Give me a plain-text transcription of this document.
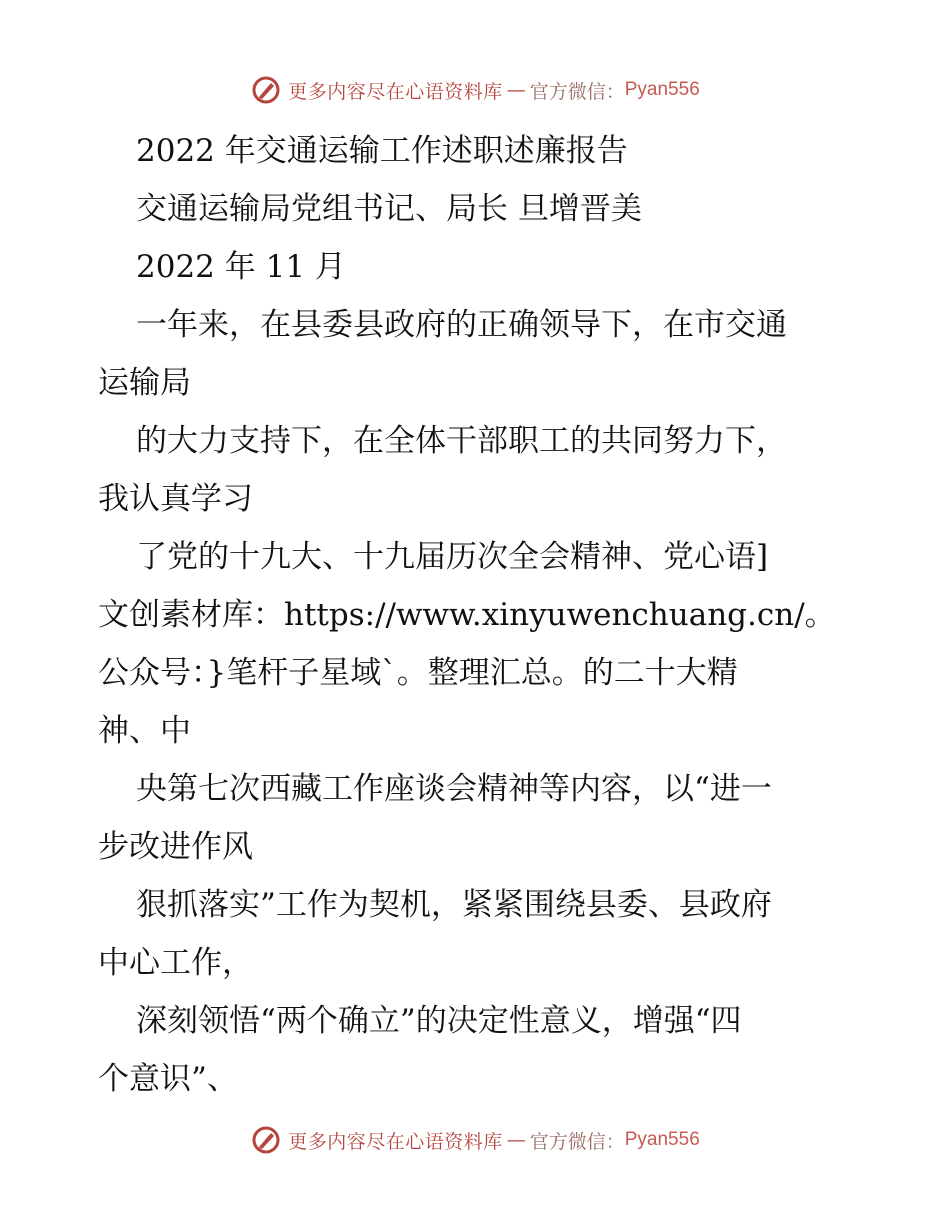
更多内容尽在心语资料库 — 官方微信： Pyan556
2022 年交通运输工作述职述廉报告
交通运输局党组书记、局长 旦增晋美
2022 年 11 月
一年来，在县委县政府的正确领导下，在市交通
运输局
的大力支持下，在全体干部职工的共同努力下，
我认真学习
了党的十九大、十九届历次全会精神、党心语]
文创素材库：https://www.xinyuwenchuang.cn/。
公众号：}笔杆子星域`。整理汇总。的二十大精
神、中
央第七次西藏工作座谈会精神等内容，以“进一
步改进作风
狠抓落实”工作为契机，紧紧围绕县委、县政府
中心工作，
深刻领悟“两个确立”的决定性意义，增强“四
个意识”、
更多内容尽在心语资料库 — 官方微信： Pyan556
